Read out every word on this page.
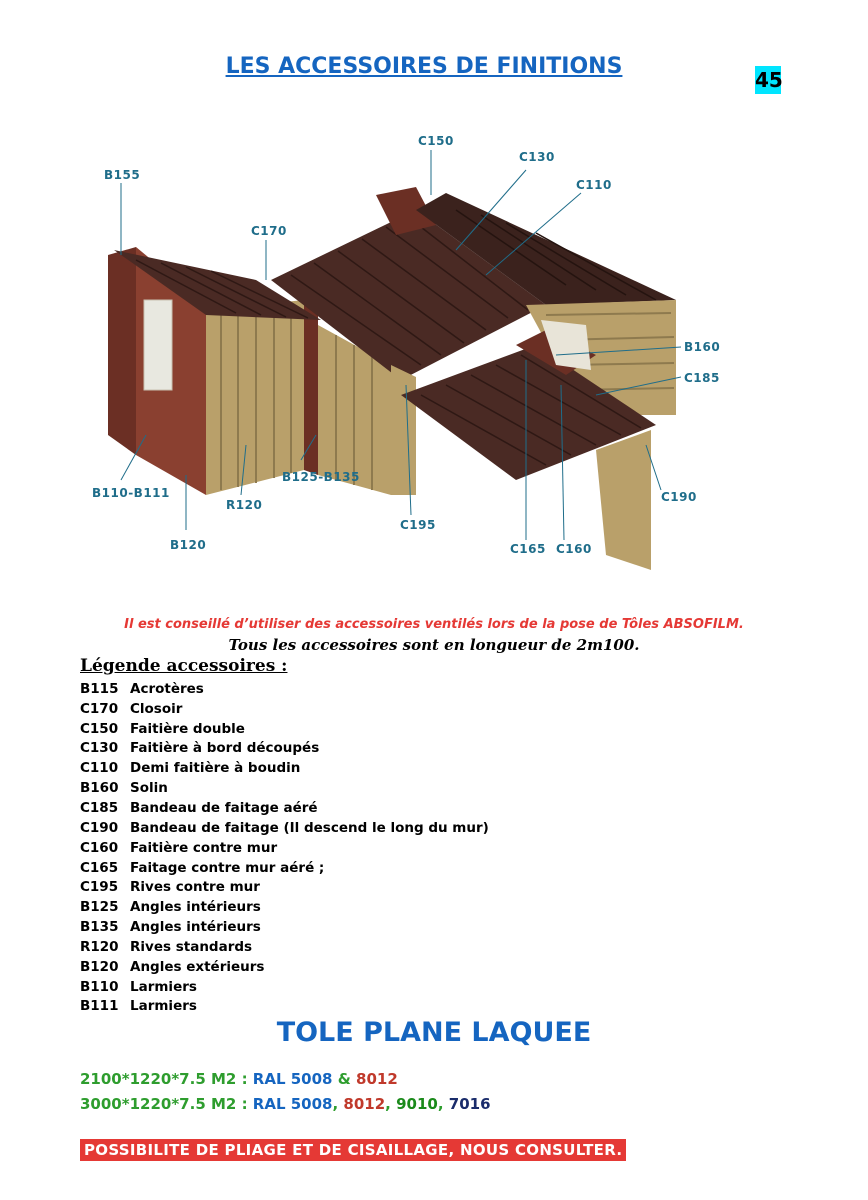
LES ACCESSOIRES DE FINITIONS
45
B155
C170
C150
C130
C110
B160
C185
C190
C160
C165
C195
B125-B135
R120
B120
B110-B111
Il est conseillé d’utiliser des accessoires ventilés lors de la pose de Tôles ABSOFILM.
Tous les accessoires sont en longueur de 2m100.
Légende accessoires :
B115 Acrotères
C170 Closoir
C150 Faitière double
C130 Faitière à bord découpés
C110 Demi faitière à boudin
B160 Solin
C185 Bandeau de faitage aéré
C190 Bandeau de faitage (Il descend le long du mur)
C160 Faitière contre mur
C165 Faitage contre mur aéré ;
C195 Rives contre mur
B125 Angles intérieurs
B135 Angles intérieurs
R120 Rives standards
B120 Angles extérieurs
B110 Larmiers
B111 Larmiers
TOLE PLANE LAQUEE
2100*1220*7.5 M2 : RAL 5008 & 8012
3000*1220*7.5 M2 : RAL 5008, 8012, 9010, 7016
POSSIBILITE DE PLIAGE ET DE CISAILLAGE, NOUS CONSULTER.
